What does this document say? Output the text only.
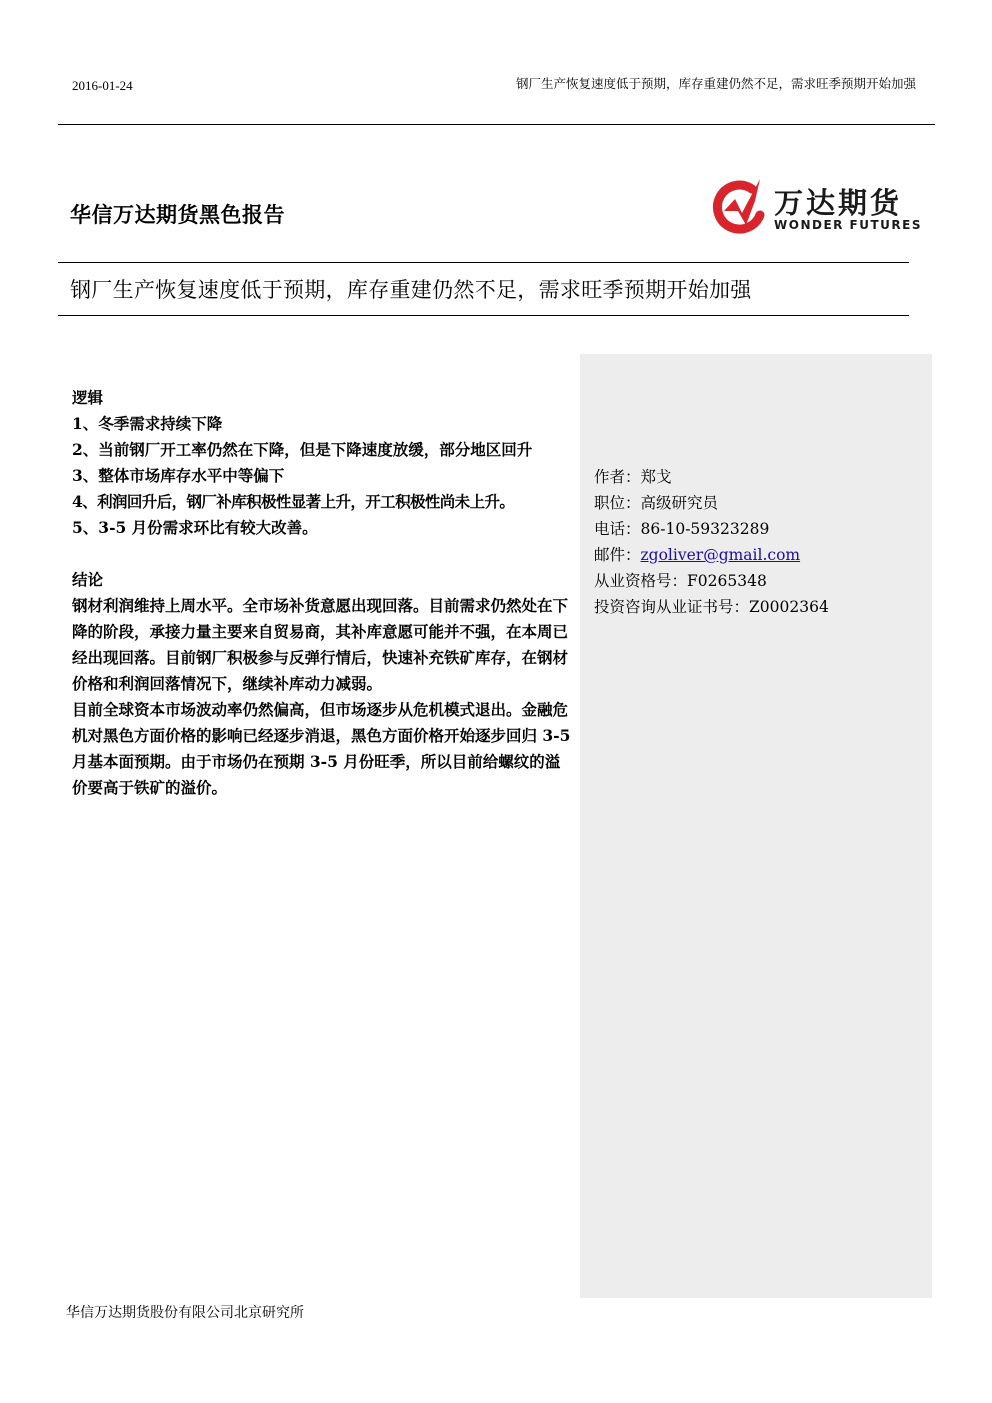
2016-01-24	钢厂生产恢复速度低于预期，库存重建仍然不足，需求旺季预期开始加强
华信万达期货黑色报告	万达期货
WONDER FUTURES
钢厂生产恢复速度低于预期，库存重建仍然不足，需求旺季预期开始加强

逻辑

1、冬季需求持续下降

2、当前钢厂开工率仍然在下降，但是下降速度放缓，部分地区回升

3、整体市场库存水平中等偏下

4、利润回升后，钢厂补库积极性显著上升，开工积极性尚未上升。

5、3-5 月份需求环比有较大改善。

结论

钢材利润维持上周水平。全市场补货意愿出现回落。目前需求仍然处在下降的阶段，承接力量主要来自贸易商，其补库意愿可能并不强，在本周已经出现回落。目前钢厂积极参与反弹行情后，快速补充铁矿库存，在钢材价格和利润回落情况下，继续补库动力减弱。

目前全球资本市场波动率仍然偏高，但市场逐步从危机模式退出。金融危机对黑色方面价格的影响已经逐步消退，黑色方面价格开始逐步回归 3-5 月基本面预期。由于市场仍在预期 3-5 月份旺季，所以目前给螺纹的溢价要高于铁矿的溢价。

作者：郑戈
职位：高级研究员
电话：86-10-59323289
邮件：zgoliver@gmail.com
从业资格号：F0265348
投资咨询从业证书号：Z0002364
华信万达期货股份有限公司北京研究所
